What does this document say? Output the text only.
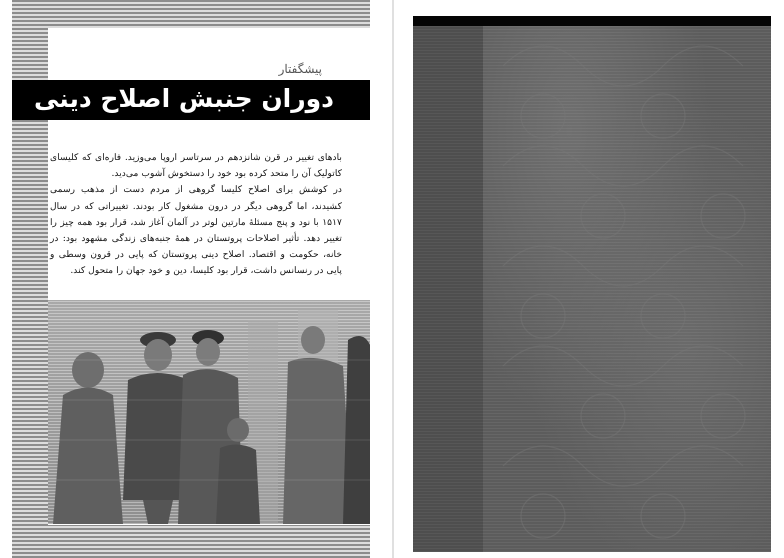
پیشگفتار
دوران جنبش اصلاح دینی

بادهای تغییر در قرن شانزدهم در سرتاسر اروپا می‌وزید. فاره‌ای که کلیسای کاتولیک آن را متحد کرده بود خود را دستخوش آشوب می‌دید.

در کوشش برای اصلاح کلیسا گروهی از مردم دست از مذهب رسمی کشیدند، اما گروهی دیگر در درون مشغول کار بودند. تغییراتی که در سال ۱۵۱۷ با نود و پنج مسئلهٔ مارتین لوتر در آلمان آغاز شد، قرار بود همه چیز را تغییر دهد. تأثیر اصلاحات پروتستان در همهٔ جنبه‌های زندگی مشهود بود: در خانه، حکومت و اقتصاد. اصلاح دینی پروتستان که پایی در قرون وسطی و پایی در رنسانس داشت، قرار بود کلیسا، دین و خود جهان را متحول کند.
